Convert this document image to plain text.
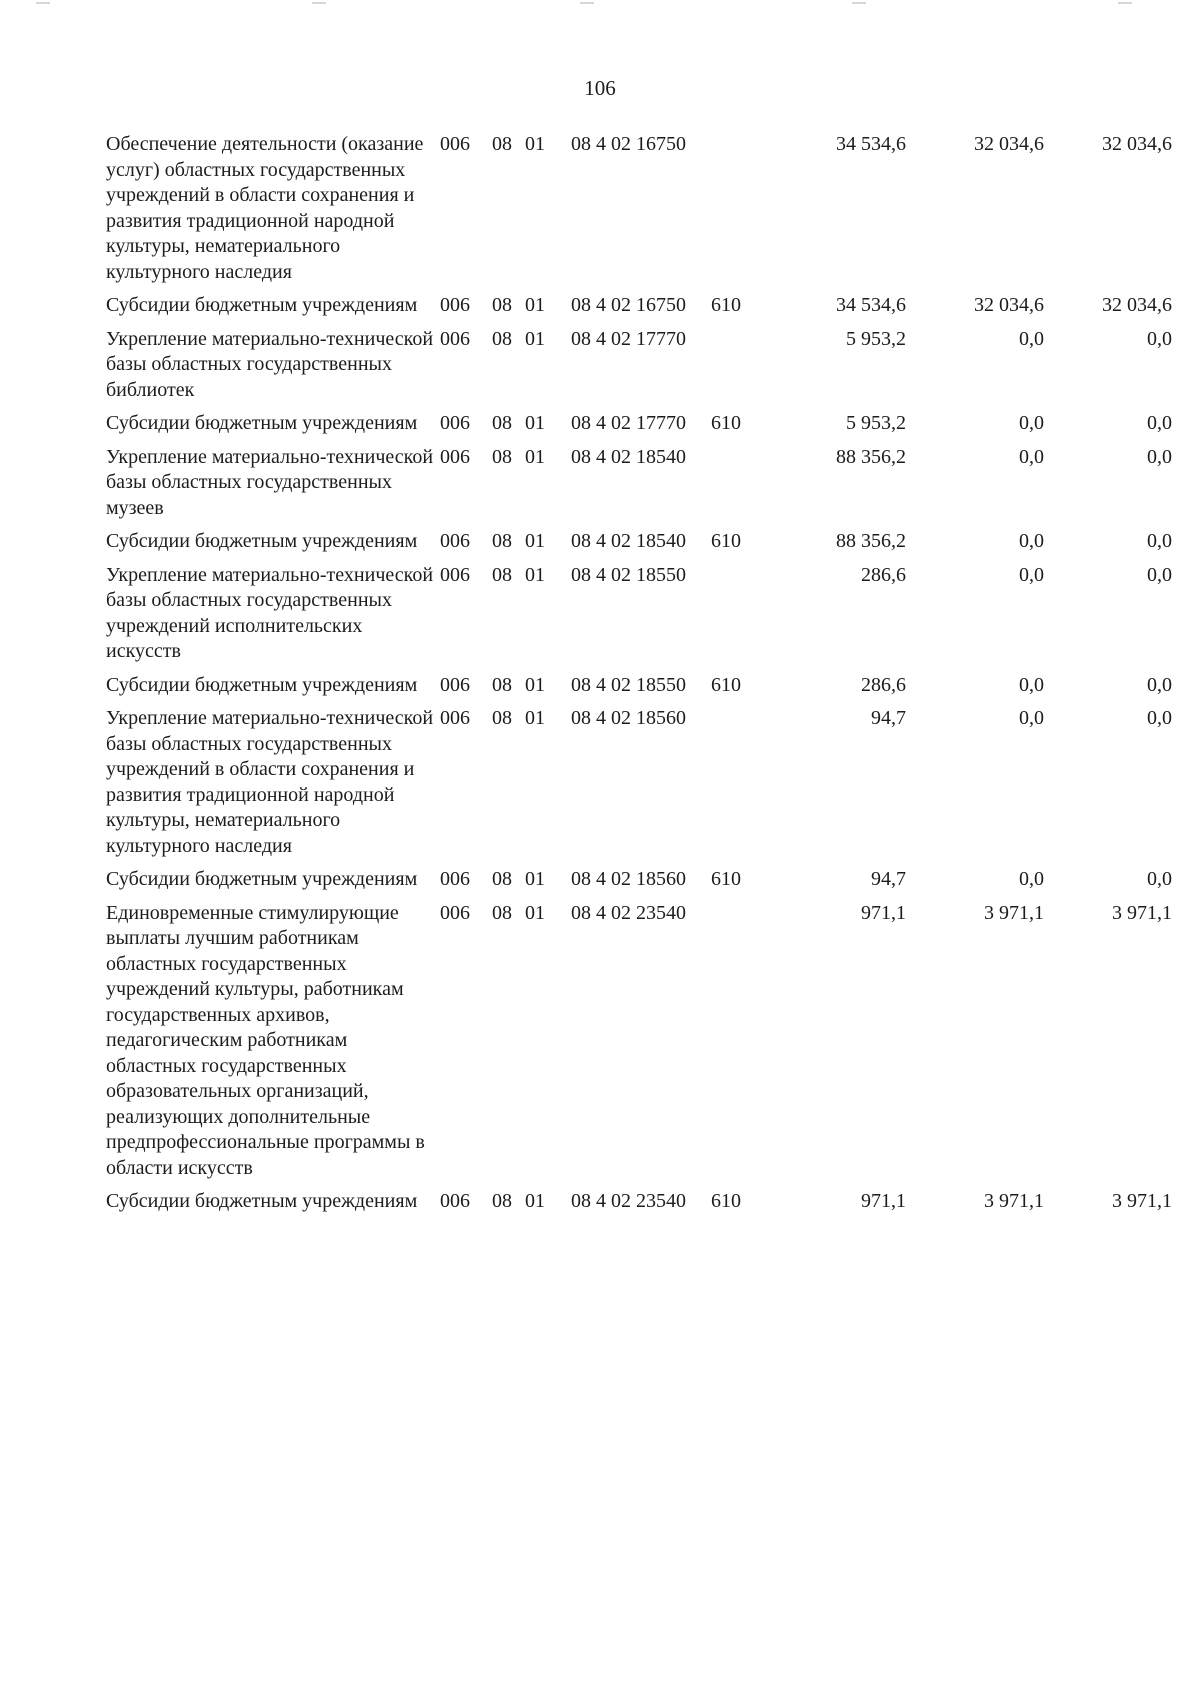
106
Обеспечение деятельности (оказание услуг) областных государственных учреждений в области сохранения и развития традиционной народной культуры, нематериального культурного наследия	006	08	01	08 4 02 16750		34 534,6	32 034,6	32 034,6
Субсидии бюджетным учреждениям	006	08	01	08 4 02 16750	610	34 534,6	32 034,6	32 034,6
Укрепление материально-технической базы областных государственных библиотек	006	08	01	08 4 02 17770		5 953,2	0,0	0,0
Субсидии бюджетным учреждениям	006	08	01	08 4 02 17770	610	5 953,2	0,0	0,0
Укрепление материально-технической базы областных государственных музеев	006	08	01	08 4 02 18540		88 356,2	0,0	0,0
Субсидии бюджетным учреждениям	006	08	01	08 4 02 18540	610	88 356,2	0,0	0,0
Укрепление материально-технической базы областных государственных учреждений исполнительских искусств	006	08	01	08 4 02 18550		286,6	0,0	0,0
Субсидии бюджетным учреждениям	006	08	01	08 4 02 18550	610	286,6	0,0	0,0
Укрепление материально-технической базы областных государственных учреждений в области сохранения и развития традиционной народной культуры, нематериального культурного наследия	006	08	01	08 4 02 18560		94,7	0,0	0,0
Субсидии бюджетным учреждениям	006	08	01	08 4 02 18560	610	94,7	0,0	0,0
Единовременные стимулирующие выплаты лучшим работникам областных государственных учреждений культуры, работникам государственных архивов, педагогическим работникам областных государственных образовательных организаций, реализующих дополнительные предпрофессиональные программы в области искусств	006	08	01	08 4 02 23540		971,1	3 971,1	3 971,1
Субсидии бюджетным учреждениям	006	08	01	08 4 02 23540	610	971,1	3 971,1	3 971,1
